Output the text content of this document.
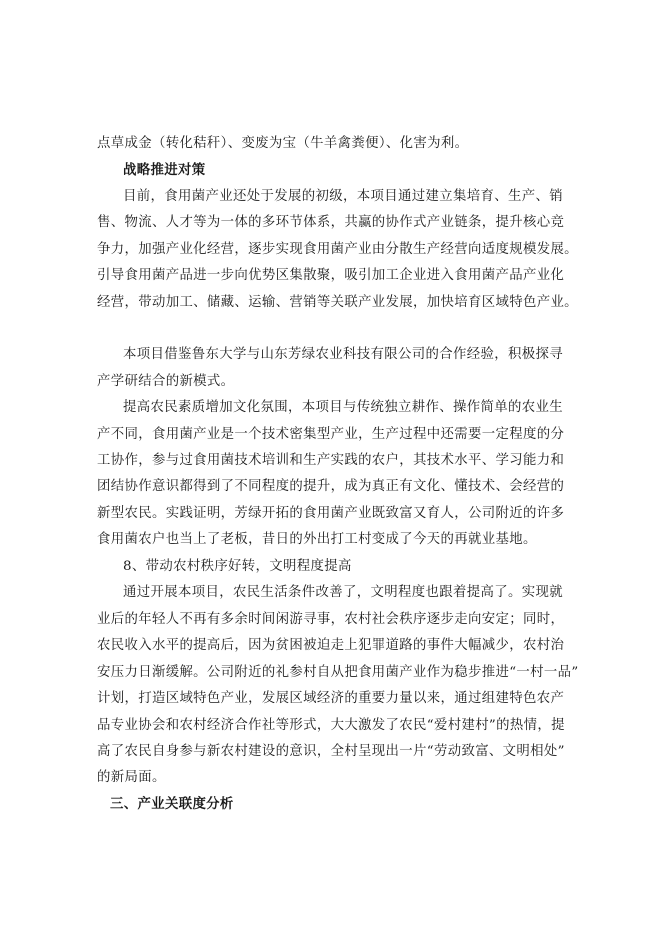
点草成金（转化秸秆）、变废为宝（牛羊禽粪便）、化害为利。
战略推进对策
目前，食用菌产业还处于发展的初级，本项目通过建立集培育、生产、销
售、物流、人才等为一体的多环节体系，共赢的协作式产业链条，提升核心竞
争力，加强产业化经营，逐步实现食用菌产业由分散生产经营向适度规模发展。
引导食用菌产品进一步向优势区集散聚，吸引加工企业进入食用菌产品产业化
经营，带动加工、储藏、运输、营销等关联产业发展，加快培育区域特色产业。
本项目借鉴鲁东大学与山东芳绿农业科技有限公司的合作经验，积极探寻
产学研结合的新模式。
提高农民素质增加文化氛围，本项目与传统独立耕作、操作简单的农业生
产不同，食用菌产业是一个技术密集型产业，生产过程中还需要一定程度的分
工协作，参与过食用菌技术培训和生产实践的农户，其技术水平、学习能力和
团结协作意识都得到了不同程度的提升，成为真正有文化、懂技术、会经营的
新型农民。实践证明，芳绿开拓的食用菌产业既致富又育人，公司附近的许多
食用菌农户也当上了老板，昔日的外出打工村变成了今天的再就业基地。
8、带动农村秩序好转，文明程度提高
通过开展本项目，农民生活条件改善了，文明程度也跟着提高了。实现就
业后的年轻人不再有多余时间闲游寻事，农村社会秩序逐步走向安定；同时，
农民收入水平的提高后，因为贫困被迫走上犯罪道路的事件大幅减少，农村治
安压力日渐缓解。公司附近的礼参村自从把食用菌产业作为稳步推进“一村一品”
计划，打造区域特色产业，发展区域经济的重要力量以来，通过组建特色农产
品专业协会和农村经济合作社等形式，大大激发了农民“爱村建村”的热情，提
高了农民自身参与新农村建设的意识，全村呈现出一片“劳动致富、文明相处”
的新局面。
三、产业关联度分析
